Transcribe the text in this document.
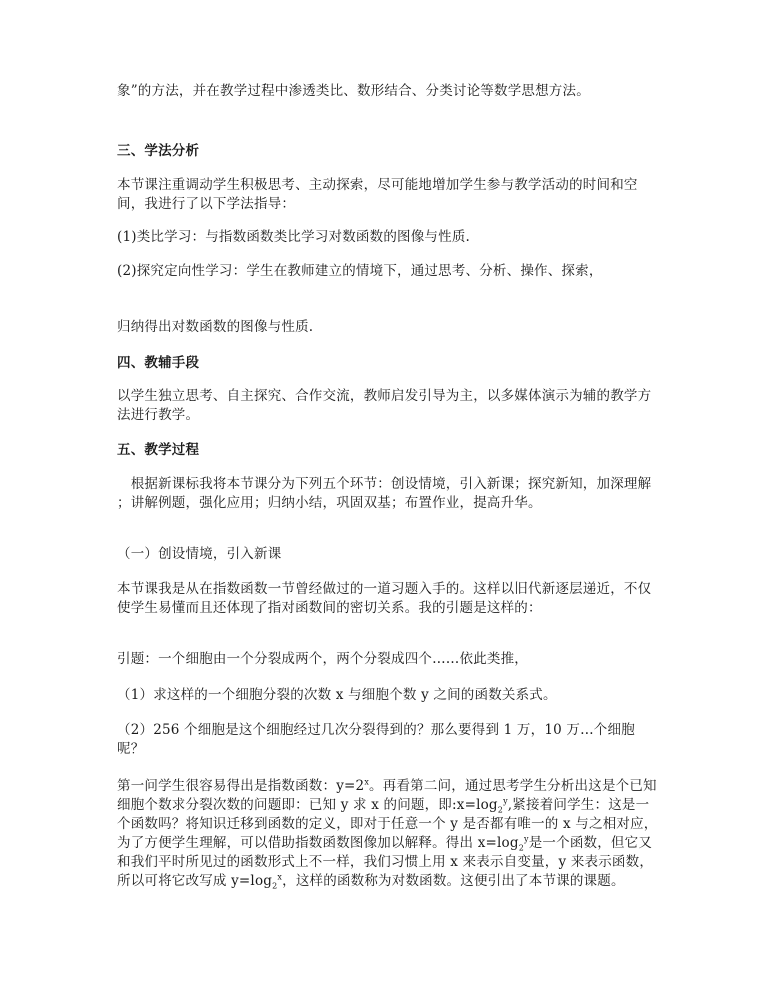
象”的方法，并在教学过程中渗透类比、数形结合、分类讨论等数学思想方法。

三、学法分析

本节课注重调动学生积极思考、主动探索，尽可能地增加学生参与教学活动的时间和空间，我进行了以下学法指导：

(1)类比学习：与指数函数类比学习对数函数的图像与性质.

(2)探究定向性学习：学生在教师建立的情境下，通过思考、分析、操作、探索，

归纳得出对数函数的图像与性质.

四、教辅手段

以学生独立思考、自主探究、合作交流，教师启发引导为主，以多媒体演示为辅的教学方法进行教学。

五、教学过程

　根据新课标我将本节课分为下列五个环节：创设情境，引入新课；探究新知，加深理解 ；讲解例题，强化应用；归纳小结，巩固双基；布置作业，提高升华。

（一）创设情境，引入新课

本节课我是从在指数函数一节曾经做过的一道习题入手的。这样以旧代新逐层递近，不仅使学生易懂而且还体现了指对函数间的密切关系。我的引题是这样的：

引题：一个细胞由一个分裂成两个，两个分裂成四个……依此类推，

（1）求这样的一个细胞分裂的次数 x 与细胞个数 y 之间的函数关系式。

（2）256 个细胞是这个细胞经过几次分裂得到的？那么要得到 1 万，10 万…个细胞呢？

第一问学生很容易得出是指数函数：$y=2^x$。再看第二问，通过思考学生分析出这是个已知细胞个数求分裂次数的问题即：已知 y 求 x 的问题，即$:x=\log_2^y$,紧接着问学生：这是一个函数吗？将知识迁移到函数的定义，即对于任意一个 y 是否都有唯一的 x 与之相对应，为了方便学生理解，可以借助指数函数图像加以解释。得出 $x=\log_2^y$是一个函数，但它又和我们平时所见过的函数形式上不一样，我们习惯上用 x 来表示自变量，y 来表示函数，所以可将它改写成 $y=\log_2^x$，这样的函数称为对数函数。这便引出了本节课的课题。
